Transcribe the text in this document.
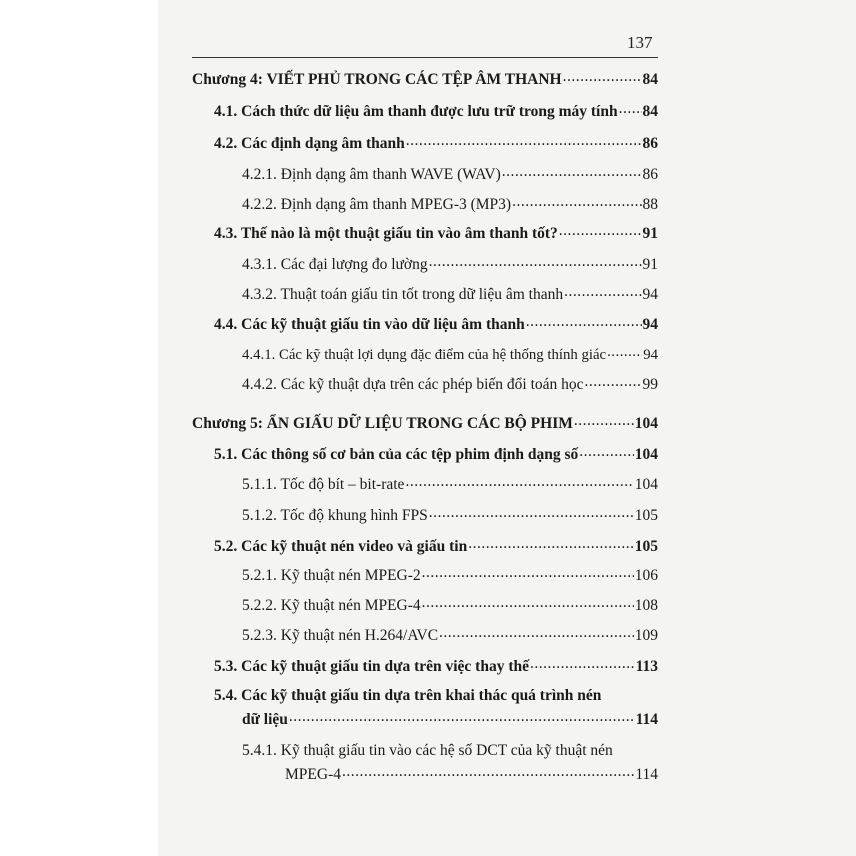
137
Chương 4: VIẾT PHỦ TRONG CÁC TỆP ÂM THANH .....	84
4.1. Cách thức dữ liệu âm thanh được lưu trữ trong máy tính ..... 84
4.2. Các định dạng âm thanh .....	86
4.2.1. Định dạng âm thanh WAVE (WAV) .....	86
4.2.2. Định dạng âm thanh MPEG-3 (MP3) .....	88
4.3. Thế nào là một thuật giấu tin vào âm thanh tốt? .....	91
4.3.1. Các đại lượng đo lường .....	91
4.3.2. Thuật toán giấu tin tốt trong dữ liệu âm thanh .....	94
4.4. Các kỹ thuật giấu tin vào dữ liệu âm thanh .....	94
4.4.1. Các kỹ thuật lợi dụng đặc điểm của hệ thống thính giác .....	94
4.4.2. Các kỹ thuật dựa trên các phép biến đổi toán học .....	99
Chương 5: ẨN GIẤU DỮ LIỆU TRONG CÁC BỘ PHIM .....	104
5.1. Các thông số cơ bản của các tệp phim định dạng số .....	104
5.1.1. Tốc độ bít – bit-rate .....	104
5.1.2. Tốc độ khung hình FPS .....	105
5.2. Các kỹ thuật nén video và giấu tin .....	105
5.2.1. Kỹ thuật nén MPEG-2 .....	106
5.2.2. Kỹ thuật nén MPEG-4 .....	108
5.2.3. Kỹ thuật nén H.264/AVC .....	109
5.3. Các kỹ thuật giấu tin dựa trên việc thay thế .....	113
5.4. Các kỹ thuật giấu tin dựa trên khai thác quá trình nén
dữ liệu .....	114
5.4.1. Kỹ thuật giấu tin vào các hệ số DCT của kỹ thuật nén
MPEG-4 .....	114
